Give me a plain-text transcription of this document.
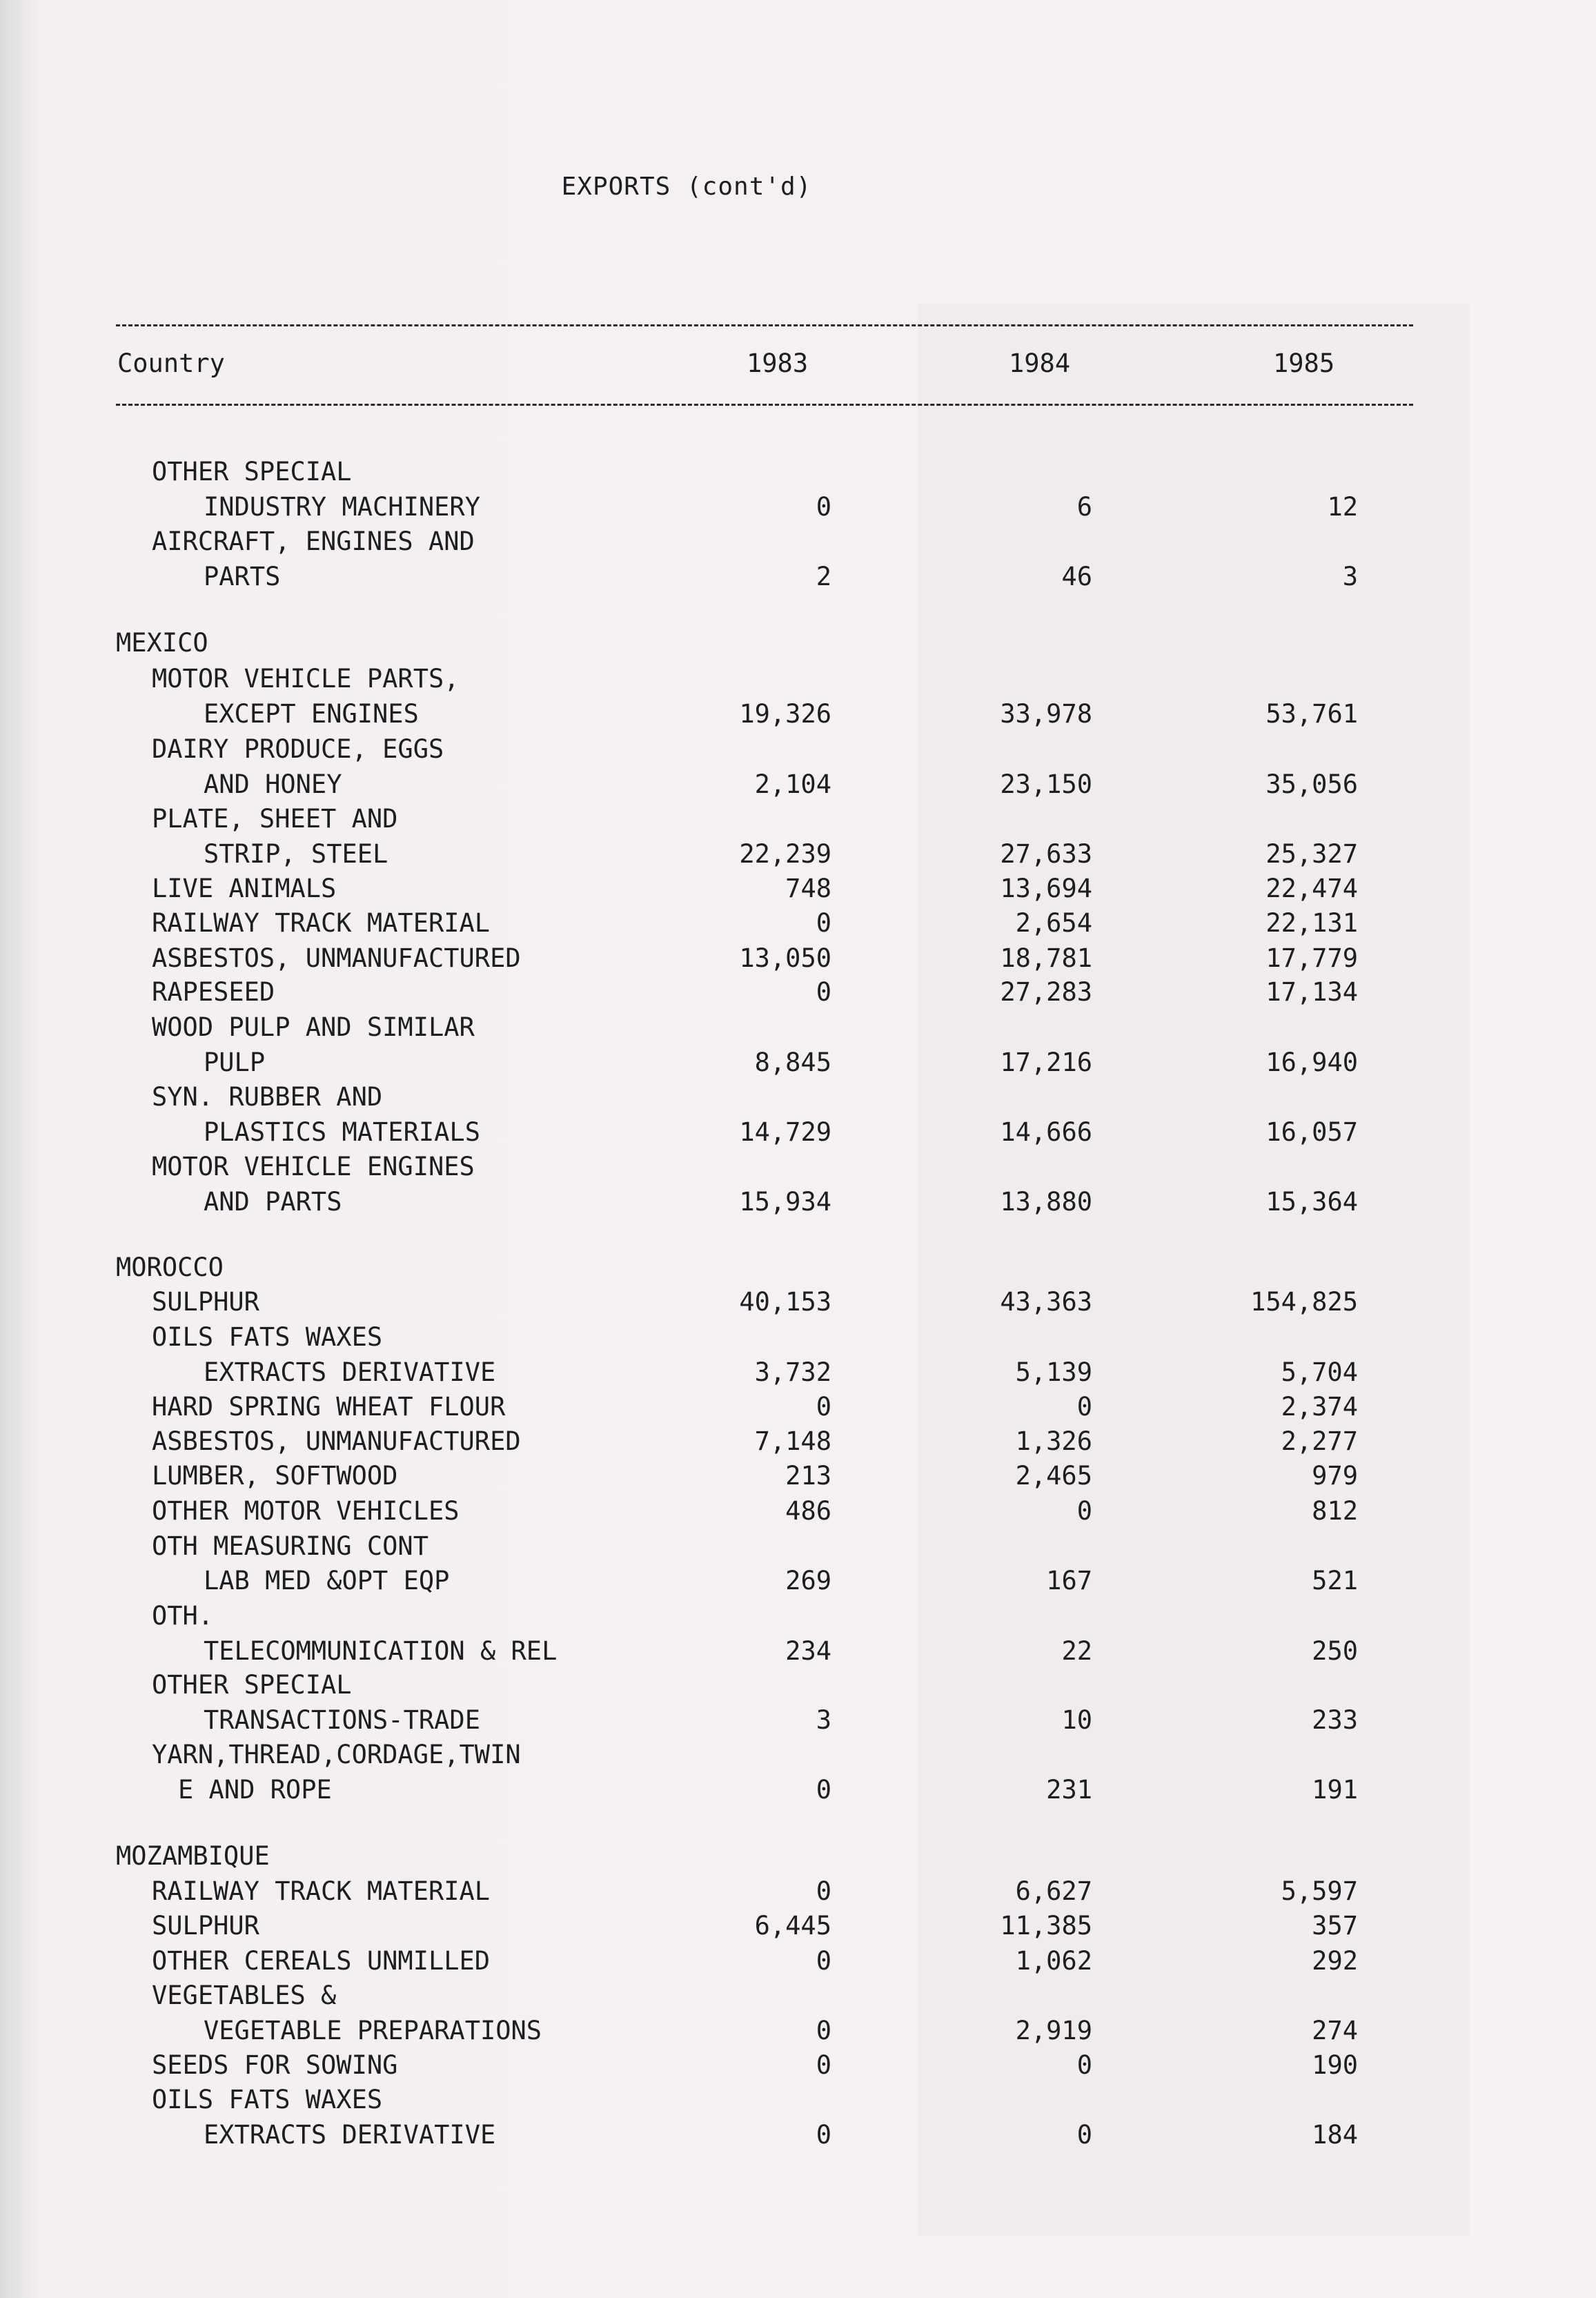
EXPORTS (cont'd)
Country	1983	1984	1985
OTHER SPECIAL
INDUSTRY MACHINERY	0	6	12
AIRCRAFT, ENGINES AND
PARTS	2	46	3
MEXICO
MOTOR VEHICLE PARTS,
EXCEPT ENGINES	19,326	33,978	53,761
DAIRY PRODUCE, EGGS
AND HONEY	2,104	23,150	35,056
PLATE, SHEET AND
STRIP, STEEL	22,239	27,633	25,327
LIVE ANIMALS	748	13,694	22,474
RAILWAY TRACK MATERIAL	0	2,654	22,131
ASBESTOS, UNMANUFACTURED	13,050	18,781	17,779
RAPESEED	0	27,283	17,134
WOOD PULP AND SIMILAR
PULP	8,845	17,216	16,940
SYN. RUBBER AND
PLASTICS MATERIALS	14,729	14,666	16,057
MOTOR VEHICLE ENGINES
AND PARTS	15,934	13,880	15,364
MOROCCO
SULPHUR	40,153	43,363	154,825
OILS FATS WAXES
EXTRACTS DERIVATIVE	3,732	5,139	5,704
HARD SPRING WHEAT FLOUR	0	0	2,374
ASBESTOS, UNMANUFACTURED	7,148	1,326	2,277
LUMBER, SOFTWOOD	213	2,465	979
OTHER MOTOR VEHICLES	486	0	812
OTH MEASURING CONT
LAB MED &OPT EQP	269	167	521
OTH.
TELECOMMUNICATION & REL	234	22	250
OTHER SPECIAL
TRANSACTIONS-TRADE	3	10	233
YARN,THREAD,CORDAGE,TWIN
E AND ROPE	0	231	191
MOZAMBIQUE
RAILWAY TRACK MATERIAL	0	6,627	5,597
SULPHUR	6,445	11,385	357
OTHER CEREALS UNMILLED	0	1,062	292
VEGETABLES &
VEGETABLE PREPARATIONS	0	2,919	274
SEEDS FOR SOWING	0	0	190
OILS FATS WAXES
EXTRACTS DERIVATIVE	0	0	184
